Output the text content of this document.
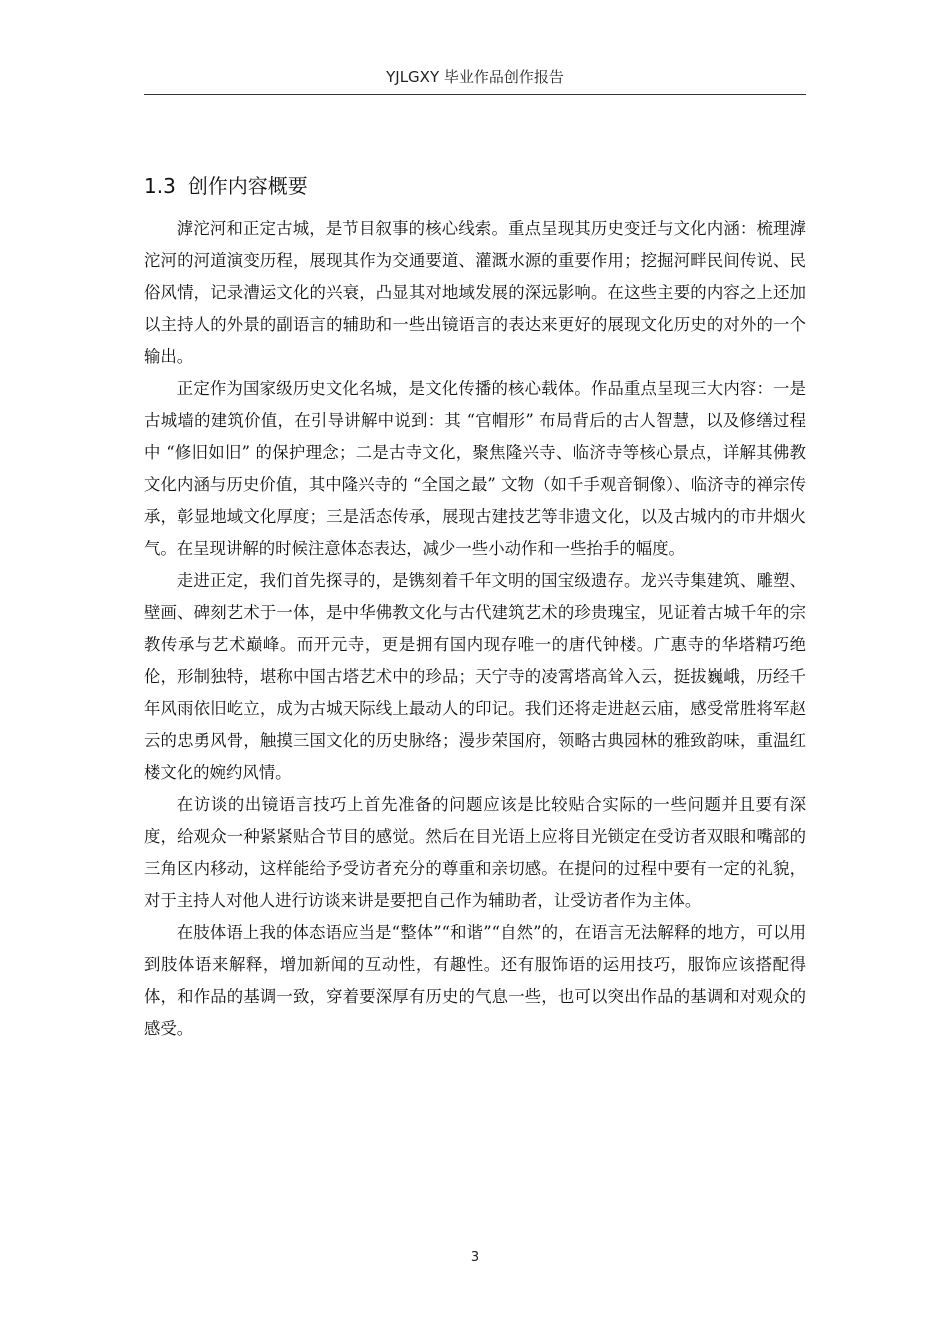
YJLGXY 毕业作品创作报告
1.3 创作内容概要

滹沱河和正定古城，是节目叙事的核心线索。重点呈现其历史变迁与文化内涵：梳理滹沱河的河道演变历程，展现其作为交通要道、灌溉水源的重要作用；挖掘河畔民间传说、民俗风情，记录漕运文化的兴衰，凸显其对地域发展的深远影响。在这些主要的内容之上还加以主持人的外景的副语言的辅助和一些出镜语言的表达来更好的展现文化历史的对外的一个输出。

正定作为国家级历史文化名城，是文化传播的核心载体。作品重点呈现三大内容：一是古城墙的建筑价值，在引导讲解中说到：其 “官帽形” 布局背后的古人智慧，以及修缮过程中 “修旧如旧” 的保护理念；二是古寺文化，聚焦隆兴寺、临济寺等核心景点，详解其佛教文化内涵与历史价值，其中隆兴寺的 “全国之最” 文物（如千手观音铜像）、临济寺的禅宗传承，彰显地域文化厚度；三是活态传承，展现古建技艺等非遗文化，以及古城内的市井烟火气。在呈现讲解的时候注意体态表达，减少一些小动作和一些抬手的幅度。

走进正定，我们首先探寻的，是镌刻着千年文明的国宝级遗存。龙兴寺集建筑、雕塑、壁画、碑刻艺术于一体，是中华佛教文化与古代建筑艺术的珍贵瑰宝，见证着古城千年的宗教传承与艺术巅峰。而开元寺，更是拥有国内现存唯一的唐代钟楼。广惠寺的华塔精巧绝伦，形制独特，堪称中国古塔艺术中的珍品；天宁寺的凌霄塔高耸入云，挺拔巍峨，历经千年风雨依旧屹立，成为古城天际线上最动人的印记。我们还将走进赵云庙，感受常胜将军赵云的忠勇风骨，触摸三国文化的历史脉络；漫步荣国府，领略古典园林的雅致韵味，重温红楼文化的婉约风情。

在访谈的出镜语言技巧上首先准备的问题应该是比较贴合实际的一些问题并且要有深度，给观众一种紧紧贴合节目的感觉。然后在目光语上应将目光锁定在受访者双眼和嘴部的三角区内移动，这样能给予受访者充分的尊重和亲切感。在提问的过程中要有一定的礼貌，对于主持人对他人进行访谈来讲是要把自己作为辅助者，让受访者作为主体。

在肢体语上我的体态语应当是“整体”“和谐”“自然”的，在语言无法解释的地方，可以用到肢体语来解释，增加新闻的互动性，有趣性。还有服饰语的运用技巧，服饰应该搭配得体，和作品的基调一致，穿着要深厚有历史的气息一些，也可以突出作品的基调和对观众的感受。

3
